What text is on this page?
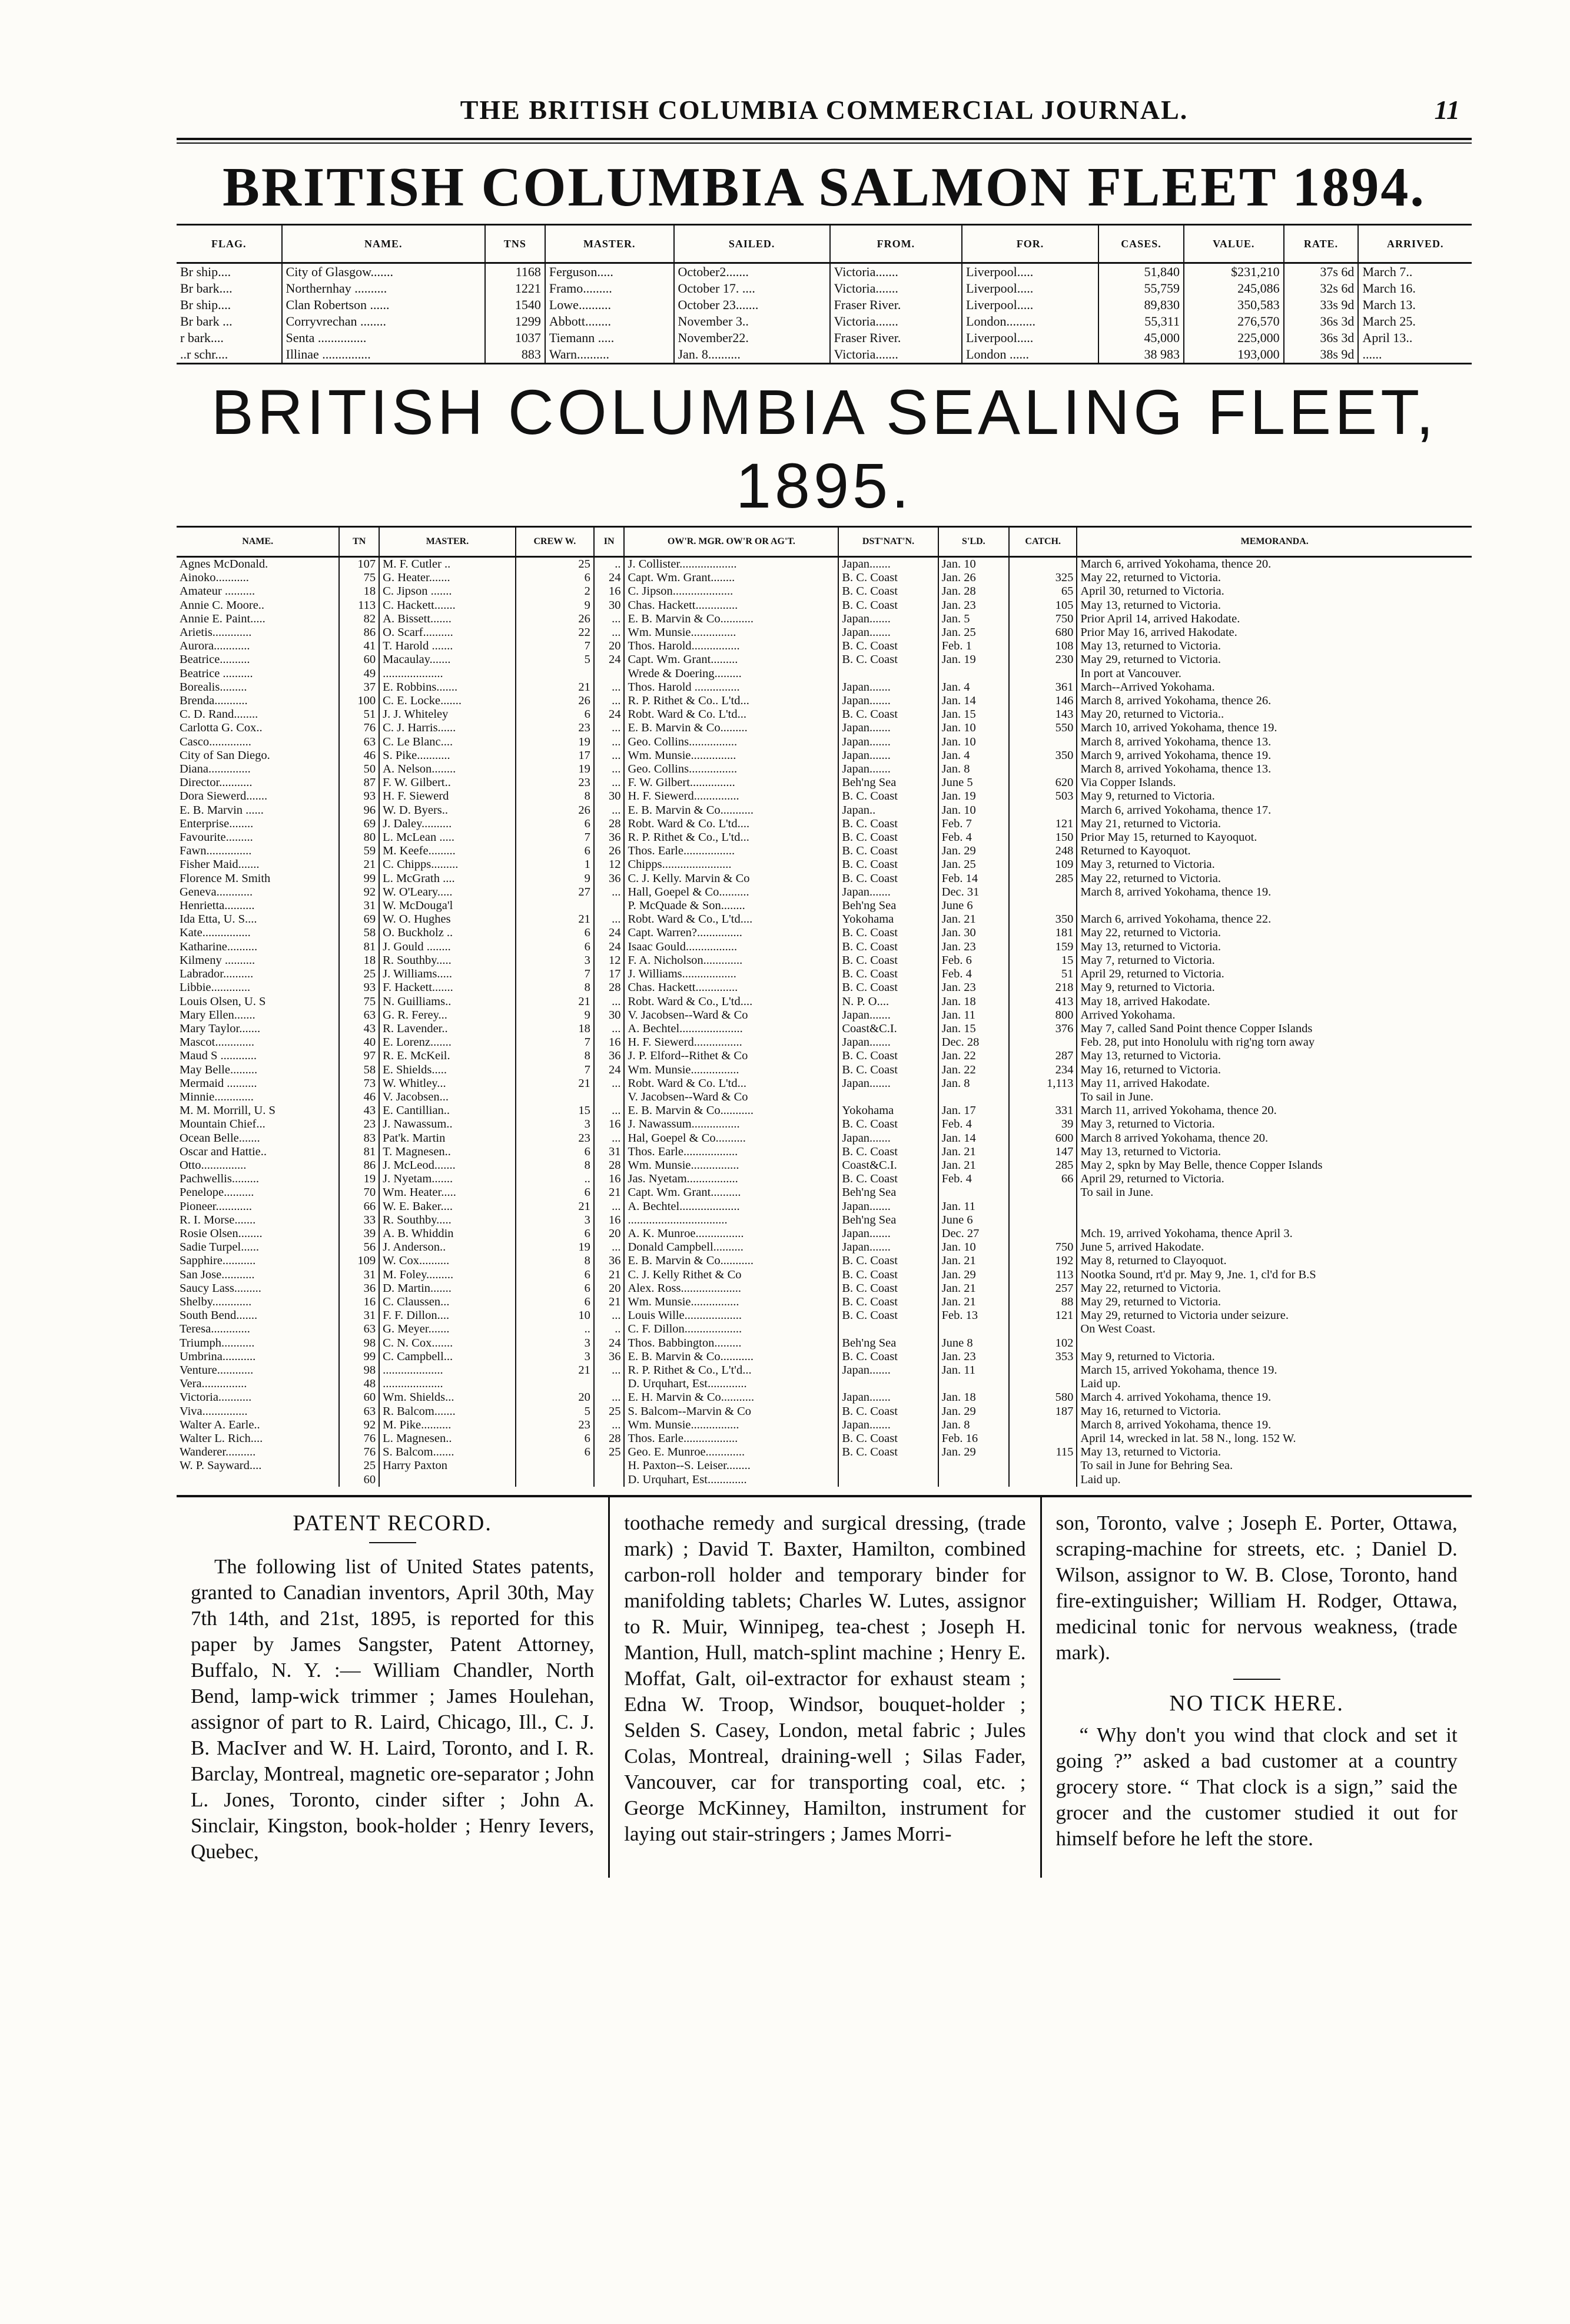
THE BRITISH COLUMBIA COMMERCIAL JOURNAL.	11
BRITISH COLUMBIA SALMON FLEET 1894.
FLAG.	NAME.	TNS	MASTER.	SAILED.	FROM.	FOR.	CASES.	VALUE.	RATE.	ARRIVED.
Br ship....	City of Glasgow.......	1168	Ferguson.....	October2.......	Victoria.......	Liverpool.....	51,840	$231,210	37s 6d	March 7..
Br bark....	Northernhay ..........	1221	Framo.........	October 17. ....	Victoria.......	Liverpool.....	55,759	245,086	32s 6d	March 16.
Br ship....	Clan Robertson ......	1540	Lowe..........	October 23.......	Fraser River.	Liverpool.....	89,830	350,583	33s 9d	March 13.
Br bark ...	Corryvrechan ........	1299	Abbott........	November 3..	Victoria.......	London.........	55,311	276,570	36s 3d	March 25.
r bark....	Senta ...............	1037	Tiemann .....	November22.	Fraser River.	Liverpool.....	45,000	225,000	36s 3d	April 13..
..r schr....	Illinae ...............	883	Warn..........	Jan. 8..........	Victoria.......	London ......	38 983	193,000	38s 9d	......
BRITISH COLUMBIA SEALING FLEET, 1895.
NAME.	TN	MASTER.	CREW W.	IN	OW'R. MGR. OW'R OR AG'T.	DST'NAT'N.	S'LD.	CATCH.	MEMORANDA.
Agnes McDonald.	107	M. F. Cutler ..	25	..	J. Collister...................	Japan.......	Jan. 10		March 6, arrived Yokohama, thence 20.
Ainoko...........	75	G. Heater.......	6	24	Capt. Wm. Grant........	B. C. Coast	Jan. 26	325	May 22, returned to Victoria.
Amateur ..........	18	C. Jipson .......	2	16	C. Jipson....................	B. C. Coast	Jan. 28	65	April 30, returned to Victoria.
Annie C. Moore..	113	C. Hackett.......	9	30	Chas. Hackett..............	B. C. Coast	Jan. 23	105	May 13, returned to Victoria.
Annie E. Paint.....	82	A. Bissett.......	26	...	E. B. Marvin & Co...........	Japan.......	Jan. 5	750	Prior April 14, arrived Hakodate.
Arietis.............	86	O. Scarf..........	22	...	Wm. Munsie...............	Japan.......	Jan. 25	680	Prior May 16, arrived Hakodate.
Aurora............	41	T. Harold .......	7	20	Thos. Harold................	B. C. Coast	Feb. 1	108	May 13, returned to Victoria.
Beatrice..........	60	Macaulay.......	5	24	Capt. Wm. Grant.........	B. C. Coast	Jan. 19	230	May 29, returned to Victoria.
Beatrice ..........	49	....................			Wrede & Doering.........				In port at Vancouver.
Borealis.........	37	E. Robbins.......	21	...	Thos. Harold ...............	Japan.......	Jan. 4	361	March--Arrived Yokohama.
Brenda...........	100	C. E. Locke.......	26	...	R. P. Rithet & Co.. L'td...	Japan.......	Jan. 14	146	March 8, arrived Yokohama, thence 26.
C. D. Rand........	51	J. J. Whiteley	6	24	Robt. Ward & Co. L'td...	B. C. Coast	Jan. 15	143	May 20, returned to Victoria..
Carlotta G. Cox..	76	C. J. Harris......	23	...	E. B. Marvin & Co.........	Japan.......	Jan. 10	550	March 10, arrived Yokohama, thence 19.
Casco..............	63	C. Le Blanc....	19	...	Geo. Collins................	Japan.......	Jan. 10		March 8, arrived Yokohama, thence 13.
City of San Diego.	46	S. Pike...........	17	...	Wm. Munsie...............	Japan.......	Jan. 4	350	March 9, arrived Yokohama, thence 19.
Diana..............	50	A. Nelson........	19	...	Geo. Collins................	Japan.......	Jan. 8		March 8, arrived Yokohama, thence 13.
Director...........	87	F. W. Gilbert..	23	...	F. W. Gilbert...............	Beh'ng Sea	June 5	620	Via Copper Islands.
Dora Siewerd.......	93	H. F. Siewerd	8	30	H. F. Siewerd...............	B. C. Coast	Jan. 19	503	May 9, returned to Victoria.
E. B. Marvin ......	96	W. D. Byers..	26	...	E. B. Marvin & Co...........	Japan..	Jan. 10		March 6, arrived Yokohama, thence 17.
Enterprise........	69	J. Daley..........	6	28	Robt. Ward & Co. L'td....	B. C. Coast	Feb. 7	121	May 21, returned to Victoria.
Favourite.........	80	L. McLean .....	7	36	R. P. Rithet & Co., L'td...	B. C. Coast	Feb. 4	150	Prior May 15, returned to Kayoquot.
Fawn...............	59	M. Keefe.........	6	26	Thos. Earle.................	B. C. Coast	Jan. 29	248	Returned to Kayoquot.
Fisher Maid.......	21	C. Chipps.........	1	12	Chipps.......................	B. C. Coast	Jan. 25	109	May 3, returned to Victoria.
Florence M. Smith	99	L. McGrath ....	9	36	C. J. Kelly. Marvin & Co	B. C. Coast	Feb. 14	285	May 22, returned to Victoria.
Geneva............	92	W. O'Leary.....	27	...	Hall, Goepel & Co..........	Japan.......	Dec. 31		March 8, arrived Yokohama, thence 19.
Henrietta..........	31	W. McDouga'l			P. McQuade & Son........	Beh'ng Sea	June 6		
Ida Etta, U. S....	69	W. O. Hughes	21	...	Robt. Ward & Co., L'td....	Yokohama	Jan. 21	350	March 6, arrived Yokohama, thence 22.
Kate................	58	O. Buckholz ..	6	24	Capt. Warren?...............	B. C. Coast	Jan. 30	181	May 22, returned to Victoria.
Katharine..........	81	J. Gould ........	6	24	Isaac Gould.................	B. C. Coast	Jan. 23	159	May 13, returned to Victoria.
Kilmeny ..........	18	R. Southby.....	3	12	F. A. Nicholson.............	B. C. Coast	Feb. 6	15	May 7, returned to Victoria.
Labrador..........	25	J. Williams.....	7	17	J. Williams..................	B. C. Coast	Feb. 4	51	April 29, returned to Victoria.
Libbie.............	93	F. Hackett.......	8	28	Chas. Hackett..............	B. C. Coast	Jan. 23	218	May 9, returned to Victoria.
Louis Olsen, U. S	75	N. Guilliams..	21	...	Robt. Ward & Co., L'td....	N. P. O....	Jan. 18	413	May 18, arrived Hakodate.
Mary Ellen.......	63	G. R. Ferey...	9	30	V. Jacobsen--Ward & Co	Japan.......	Jan. 11	800	Arrived Yokohama.
Mary Taylor.......	43	R. Lavender..	18	...	A. Bechtel.....................	Coast&C.I.	Jan. 15	376	May 7, called Sand Point thence Copper Islands
Mascot.............	40	E. Lorenz.......	7	16	H. F. Siewerd................	Japan.......	Dec. 28		Feb. 28, put into Honolulu with rig'ng torn away
Maud S ............	97	R. E. McKeil.	8	36	J. P. Elford--Rithet & Co	B. C. Coast	Jan. 22	287	May 13, returned to Victoria.
May Belle.........	58	E. Shields.....	7	24	Wm. Munsie................	B. C. Coast	Jan. 22	234	May 16, returned to Victoria.
Mermaid ..........	73	W. Whitley...	21	...	Robt. Ward & Co. L'td...	Japan.......	Jan. 8	1,113	May 11, arrived Hakodate.
Minnie.............	46	V. Jacobsen...			V. Jacobsen--Ward & Co				To sail in June.
M. M. Morrill, U. S	43	E. Cantillian..	15	...	E. B. Marvin & Co...........	Yokohama	Jan. 17	331	March 11, arrived Yokohama, thence 20.
Mountain Chief...	23	J. Nawassum..	3	16	J. Nawassum................	B. C. Coast	Feb. 4	39	May 3, returned to Victoria.
Ocean Belle.......	83	Pat'k. Martin	23	...	Hal, Goepel & Co..........	Japan.......	Jan. 14	600	March 8 arrived Yokohama, thence 20.
Oscar and Hattie..	81	T. Magnesen..	6	31	Thos. Earle..................	B. C. Coast	Jan. 21	147	May 13, returned to Victoria.
Otto...............	86	J. McLeod.......	8	28	Wm. Munsie................	Coast&C.I.	Jan. 21	285	May 2, spkn by May Belle, thence Copper Islands
Pachwellis.........	19	J. Nyetam.......	..	16	Jas. Nyetam.................	B. C. Coast	Feb. 4	66	April 29, returned to Victoria.
Penelope..........	70	Wm. Heater.....	6	21	Capt. Wm. Grant..........	Beh'ng Sea			To sail in June.
Pioneer............	66	W. E. Baker....	21	...	A. Bechtel....................	Japan.......	Jan. 11		
R. I. Morse.......	33	R. Southby.....	3	16	.................................	Beh'ng Sea	June 6		
Rosie Olsen........	39	A. B. Whiddin	6	20	A. K. Munroe................	Japan.......	Dec. 27		Mch. 19, arrived Yokohama, thence April 3.
Sadie Turpel......	56	J. Anderson..	19	...	Donald Campbell..........	Japan.......	Jan. 10	750	June 5, arrived Hakodate.
Sapphire...........	109	W. Cox..........	8	36	E. B. Marvin & Co...........	B. C. Coast	Jan. 21	192	May 8, returned to Clayoquot.
San Jose...........	31	M. Foley.........	6	21	C. J. Kelly Rithet & Co	B. C. Coast	Jan. 29	113	Nootka Sound, rt'd pr. May 9, Jne. 1, cl'd for B.S
Saucy Lass.........	36	D. Martin.......	6	20	Alex. Ross....................	B. C. Coast	Jan. 21	257	May 22, returned to Victoria.
Shelby.............	16	C. Claussen...	6	21	Wm. Munsie................	B. C. Coast	Jan. 21	88	May 29, returned to Victoria.
South Bend.......	31	F. F. Dillon....	10	...	Louis Wille...................	B. C. Coast	Feb. 13	121	May 29, returned to Victoria under seizure.
Teresa.............	63	G. Meyer.......	..	..	C. F. Dillon...................				On West Coast.
Triumph...........	98	C. N. Cox.......	3	24	Thos. Babbington.........	Beh'ng Sea	June 8	102	
Umbrina...........	99	C. Campbell...	3	36	E. B. Marvin & Co...........	B. C. Coast	Jan. 23	353	May 9, returned to Victoria.
Venture............	98	....................	21	...	R. P. Rithet & Co., L't'd...	Japan.......	Jan. 11		March 15, arrived Yokohama, thence 19.
Vera...............	48	....................			D. Urquhart, Est.............				Laid up.
Victoria...........	60	Wm. Shields...	20	...	E. H. Marvin & Co...........	Japan.......	Jan. 18	580	March 4. arrived Yokohama, thence 19.
Viva...............	63	R. Balcom.......	5	25	S. Balcom--Marvin & Co	B. C. Coast	Jan. 29	187	May 16, returned to Victoria.
Walter A. Earle..	92	M. Pike..........	23	...	Wm. Munsie................	Japan.......	Jan. 8		March 8, arrived Yokohama, thence 19.
Walter L. Rich....	76	L. Magnesen..	6	28	Thos. Earle..................	B. C. Coast	Feb. 16		April 14, wrecked in lat. 58 N., long. 152 W.
Wanderer..........	76	S. Balcom.......	6	25	Geo. E. Munroe.............	B. C. Coast	Jan. 29	115	May 13, returned to Victoria.
W. P. Sayward....	25	Harry Paxton			H. Paxton--S. Leiser........				To sail in June for Behring Sea.
	60				D. Urquhart, Est.............				Laid up.
PATENT RECORD.

The following list of United States patents, granted to Canadian inventors, April 30th, May 7th 14th, and 21st, 1895, is reported for this paper by James Sangster, Patent Attorney, Buffalo, N. Y. :— William Chandler, North Bend, lamp-wick trimmer ; James Houlehan, assignor of part to R. Laird, Chicago, Ill., C. J. B. MacIver and W. H. Laird, Toronto, and I. R. Barclay, Montreal, magnetic ore-separator ; John L. Jones, Toronto, cinder sifter ; John A. Sinclair, Kingston, book-holder ; Henry Ievers, Quebec,

toothache remedy and surgical dressing, (trade mark) ; David T. Baxter, Hamilton, combined carbon-roll holder and temporary binder for manifolding tablets; Charles W. Lutes, assignor to R. Muir, Winnipeg, tea-chest ; Joseph H. Mantion, Hull, match-splint machine ; Henry E. Moffat, Galt, oil-extractor for exhaust steam ; Edna W. Troop, Windsor, bouquet-holder ; Selden S. Casey, London, metal fabric ; Jules Colas, Montreal, draining-well ; Silas Fader, Vancouver, car for transporting coal, etc. ; George McKinney, Hamilton, instrument for laying out stair-stringers ; James Morri-

son, Toronto, valve ; Joseph E. Porter, Ottawa, scraping-machine for streets, etc. ; Daniel D. Wilson, assignor to W. B. Close, Toronto, hand fire-extinguisher; William H. Rodger, Ottawa, medicinal tonic for nervous weakness, (trade mark).

NO TICK HERE.

“ Why don't you wind that clock and set it going ?” asked a bad customer at a country grocery store. “ That clock is a sign,” said the grocer and the customer studied it out for himself before he left the store.
